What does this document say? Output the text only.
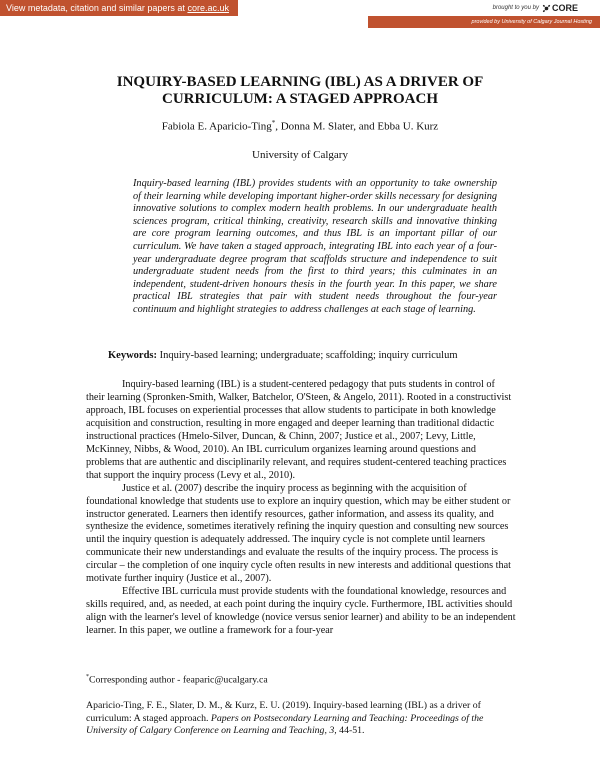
View metadata, citation and similar papers at core.ac.uk	brought to you by CORE
provided by University of Calgary Journal Hosting
INQUIRY-BASED LEARNING (IBL) AS A DRIVER OF
CURRICULUM: A STAGED APPROACH
Fabiola E. Aparicio-Ting*, Donna M. Slater, and Ebba U. Kurz
University of Calgary
Inquiry-based learning (IBL) provides students with an opportunity to take ownership of their learning while developing important higher-order skills necessary for designing innovative solutions to complex modern health problems. In our undergraduate health sciences program, critical thinking, creativity, research skills and innovative thinking are core program learning outcomes, and thus IBL is an important pillar of our curriculum. We have taken a staged approach, integrating IBL into each year of a four-year undergraduate degree program that scaffolds structure and independence to suit undergraduate student needs from the first to third years; this culminates in an independent, student-driven honours thesis in the fourth year. In this paper, we share practical IBL strategies that pair with student needs throughout the four-year continuum and highlight strategies to address challenges at each stage of learning.
Keywords: Inquiry-based learning; undergraduate; scaffolding; inquiry curriculum

Inquiry-based learning (IBL) is a student-centered pedagogy that puts students in control of their learning (Spronken-Smith, Walker, Batchelor, O'Steen, & Angelo, 2011). Rooted in a constructivist approach, IBL focuses on experiential processes that allow students to participate in both knowledge acquisition and construction, resulting in more engaged and deeper learning than traditional didactic instructional practices (Hmelo-Silver, Duncan, & Chinn, 2007; Justice et al., 2007; Levy, Little, McKinney, Nibbs, & Wood, 2010). An IBL curriculum organizes learning around questions and problems that are authentic and disciplinarily relevant, and requires student-centered teaching practices that support the inquiry process (Levy et al., 2010).

Justice et al. (2007) describe the inquiry process as beginning with the acquisition of foundational knowledge that students use to explore an inquiry question, which may be either student or instructor generated. Learners then identify resources, gather information, and assess its quality, and synthesize the evidence, sometimes iteratively refining the inquiry question and consulting new sources until the inquiry question is adequately addressed. The inquiry cycle is not complete until learners communicate their new understandings and evaluate the results of the inquiry process. The process is circular – the completion of one inquiry cycle often results in new interests and additional questions that motivate further inquiry (Justice et al., 2007).

Effective IBL curricula must provide students with the foundational knowledge, resources and skills required, and, as needed, at each point during the inquiry cycle. Furthermore, IBL activities should align with the learner's level of knowledge (novice versus senior learner) and ability to be an independent learner. In this paper, we outline a framework for a four-year

*Corresponding author - feaparic@ucalgary.ca
Aparicio-Ting, F. E., Slater, D. M., & Kurz, E. U. (2019). Inquiry-based learning (IBL) as a driver of curriculum: A staged approach. Papers on Postsecondary Learning and Teaching: Proceedings of the University of Calgary Conference on Learning and Teaching, 3, 44-51.
